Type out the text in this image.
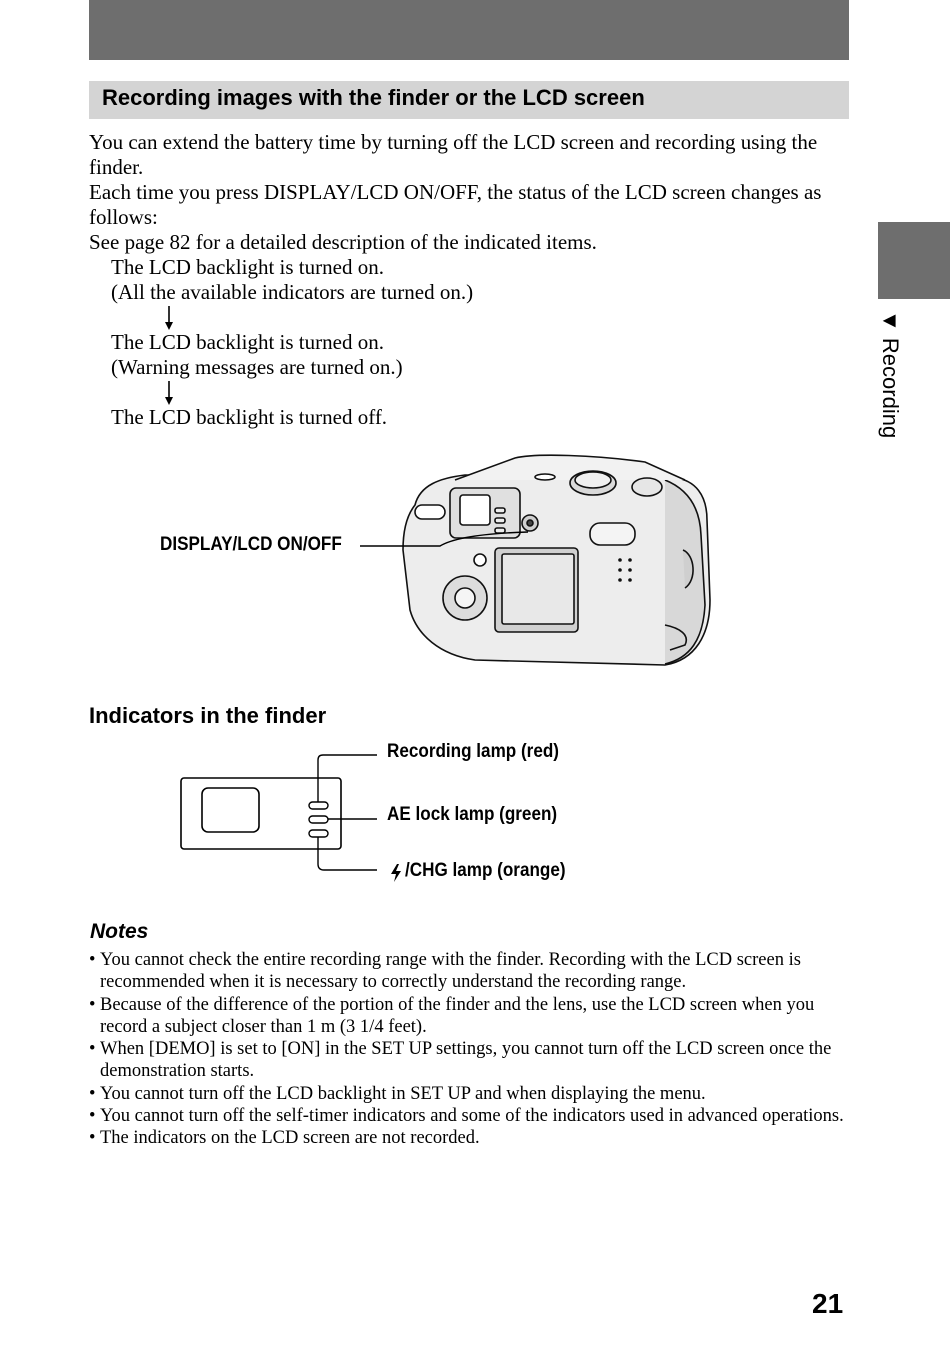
Recording images with the finder or the LCD screen
▼ Recording

You can extend the battery time by turning off the LCD screen and recording using the finder.

Each time you press DISPLAY/LCD ON/OFF, the status of the LCD screen changes as follows:

See page 82 for a detailed description of the indicated items.

The LCD backlight is turned on.
(All the available indicators are turned on.)
The LCD backlight is turned on.
(Warning messages are turned on.)
The LCD backlight is turned off.
DISPLAY/LCD ON/OFF
Indicators in the finder
Recording lamp (red)
AE lock lamp (green)
/CHG lamp (orange)
Notes
• You cannot check the entire recording range with the finder. Recording with the LCD screen is recommended when it is necessary to correctly understand the recording range.
• Because of the difference of the portion of the finder and the lens, use the LCD screen when you record a subject closer than 1 m (3 1/4 feet).
• When [DEMO] is set to [ON] in the SET UP settings, you cannot turn off the LCD screen once the demonstration starts.
• You cannot turn off the LCD backlight in SET UP and when displaying the menu.
• You cannot turn off the self-timer indicators and some of the indicators used in advanced operations.
• The indicators on the LCD screen are not recorded.
21
